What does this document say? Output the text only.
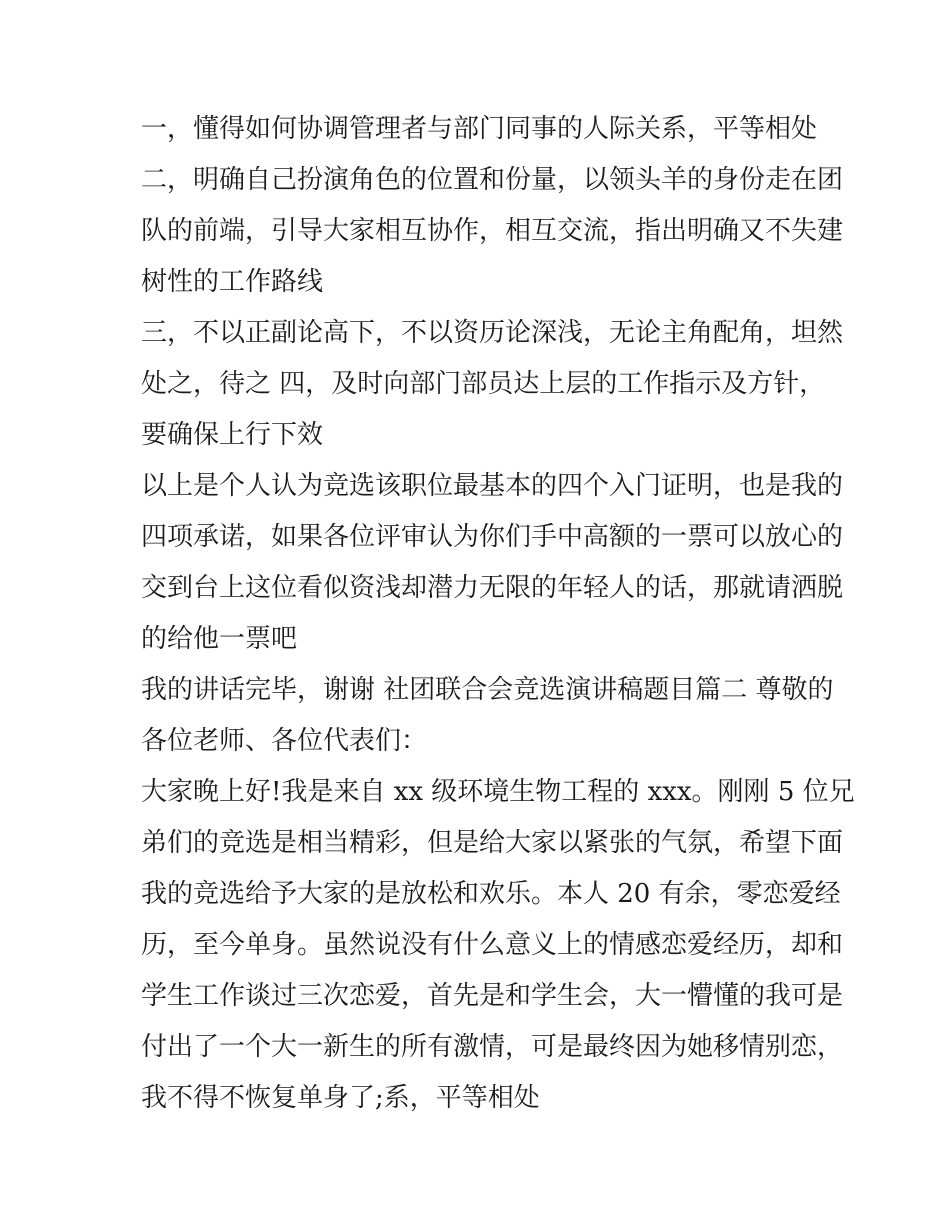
一，懂得如何协调管理者与部门同事的人际关系，平等相处

二，明确自己扮演角色的位置和份量，以领头羊的身份走在团

队的前端，引导大家相互协作，相互交流，指出明确又不失建

树性的工作路线

三，不以正副论高下，不以资历论深浅，无论主角配角，坦然

处之，待之 四，及时向部门部员达上层的工作指示及方针，

要确保上行下效

以上是个人认为竞选该职位最基本的四个入门证明，也是我的

四项承诺，如果各位评审认为你们手中高额的一票可以放心的

交到台上这位看似资浅却潜力无限的年轻人的话，那就请洒脱

的给他一票吧

我的讲话完毕，谢谢 社团联合会竞选演讲稿题目篇二 尊敬的

各位老师、各位代表们：

大家晚上好!我是来自 xx 级环境生物工程的 xxx。刚刚 5 位兄

弟们的竞选是相当精彩，但是给大家以紧张的气氛，希望下面

我的竞选给予大家的是放松和欢乐。本人 20 有余，零恋爱经

历，至今单身。虽然说没有什么意义上的情感恋爱经历，却和

学生工作谈过三次恋爱，首先是和学生会，大一懵懂的我可是

付出了一个大一新生的所有激情，可是最终因为她移情别恋，

我不得不恢复单身了;系，平等相处
